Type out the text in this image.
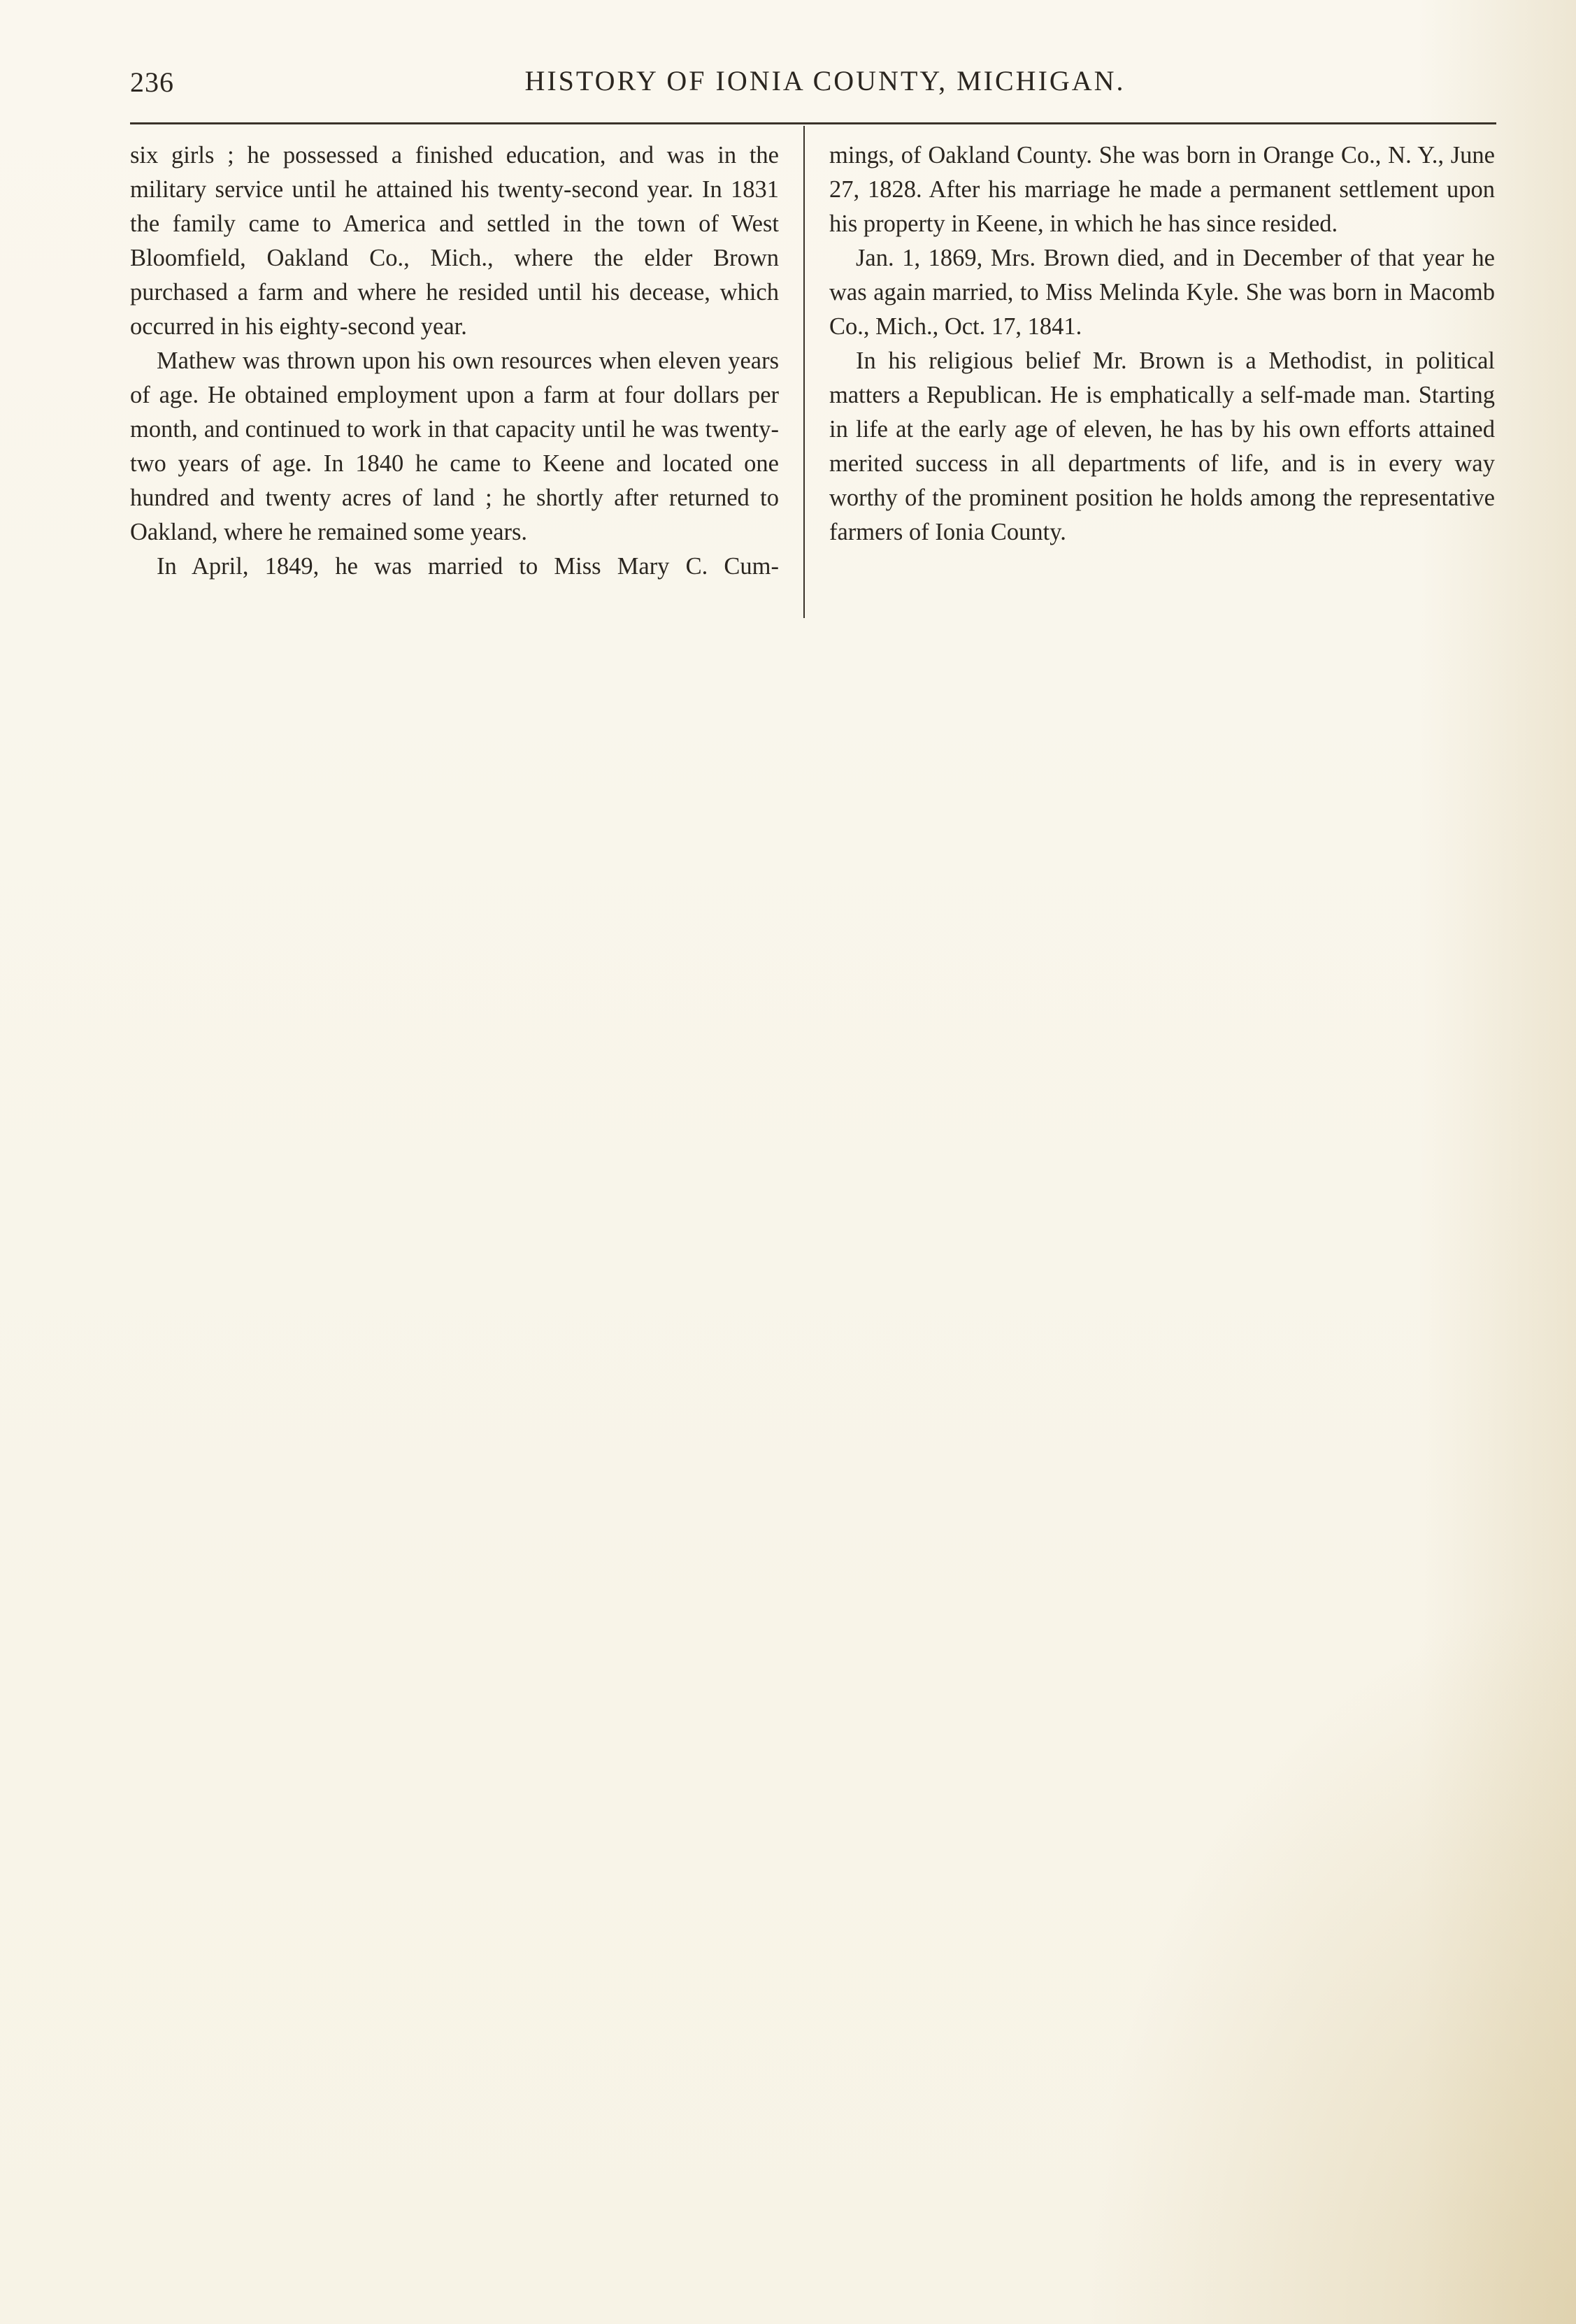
236	HISTORY OF IONIA COUNTY, MICHIGAN.

six girls ; he possessed a finished education, and was in the military service until he attained his twenty-second year. In 1831 the family came to America and settled in the town of West Bloomfield, Oakland Co., Mich., where the elder Brown purchased a farm and where he resided until his decease, which occurred in his eighty-second year.

Mathew was thrown upon his own resources when eleven years of age. He obtained employment upon a farm at four dollars per month, and continued to work in that capacity until he was twenty-two years of age. In 1840 he came to Keene and located one hundred and twenty acres of land ; he shortly after returned to Oakland, where he remained some years.

In April, 1849, he was married to Miss Mary C. Cum-

mings, of Oakland County. She was born in Orange Co., N. Y., June 27, 1828. After his marriage he made a permanent settlement upon his property in Keene, in which he has since resided.

Jan. 1, 1869, Mrs. Brown died, and in December of that year he was again married, to Miss Melinda Kyle. She was born in Macomb Co., Mich., Oct. 17, 1841.

In his religious belief Mr. Brown is a Methodist, in political matters a Republican. He is emphatically a self-made man. Starting in life at the early age of eleven, he has by his own efforts attained merited success in all departments of life, and is in every way worthy of the prominent position he holds among the representative farmers of Ionia County.
